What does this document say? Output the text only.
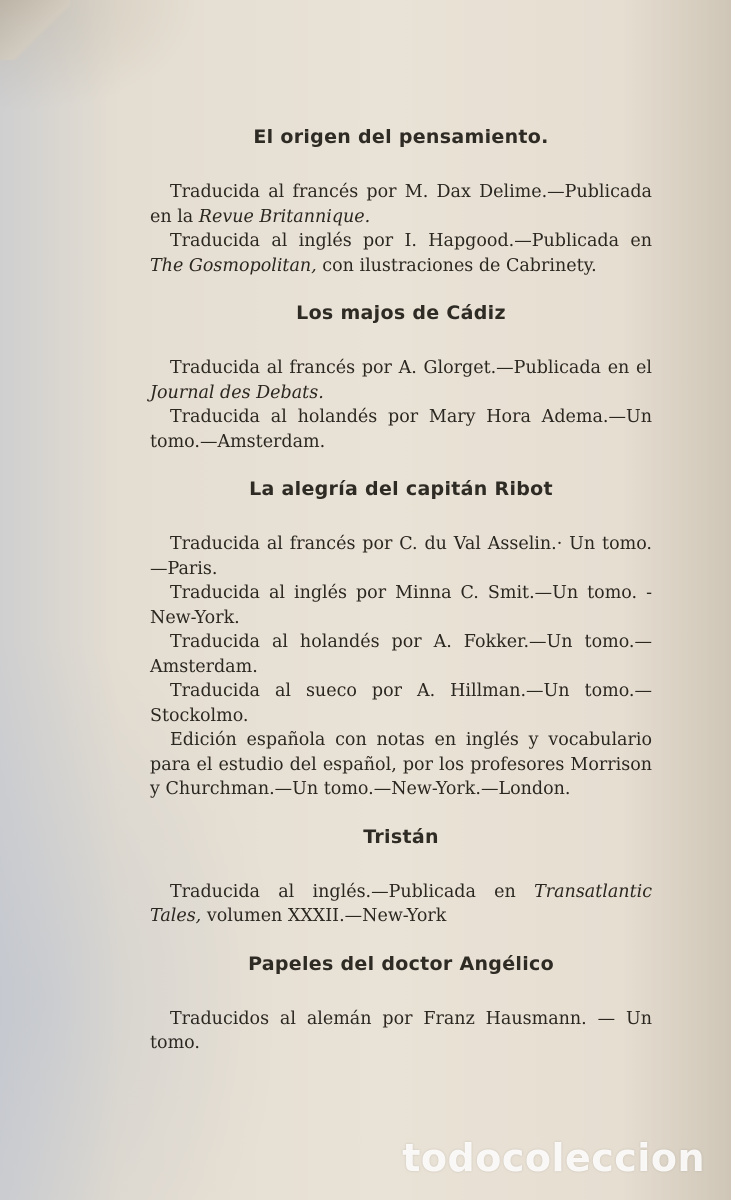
El origen del pensamiento.

Traducida al francés por M. Dax Delime.—Publicada en la Revue Britannique.

Traducida al inglés por I. Hapgood.—Publicada en The Gosmopolitan, con ilustraciones de Cabrinety.

Los majos de Cádiz

Traducida al francés por A. Glorget.—Publicada en el Journal des Debats.

Traducida al holandés por Mary Hora Adema.—Un tomo.—Amsterdam.

La alegría del capitán Ribot

Traducida al francés por C. du Val Asselin.· Un tomo.—Paris.

Traducida al inglés por Minna C. Smit.—Un tomo. - New-York.

Traducida al holandés por A. Fokker.—Un tomo.— Amsterdam.

Traducida al sueco por A. Hillman.—Un tomo.—Stockolmo.

Edición española con notas en inglés y vocabulario para el estudio del español, por los profesores Morrison y Churchman.—Un tomo.—New-York.—London.

Tristán

Traducida al inglés.—Publicada en Transatlantic Tales, volumen XXXII.—New-York

Papeles del doctor Angélico

Traducidos al alemán por Franz Hausmann. — Un tomo.

todocoleccion
